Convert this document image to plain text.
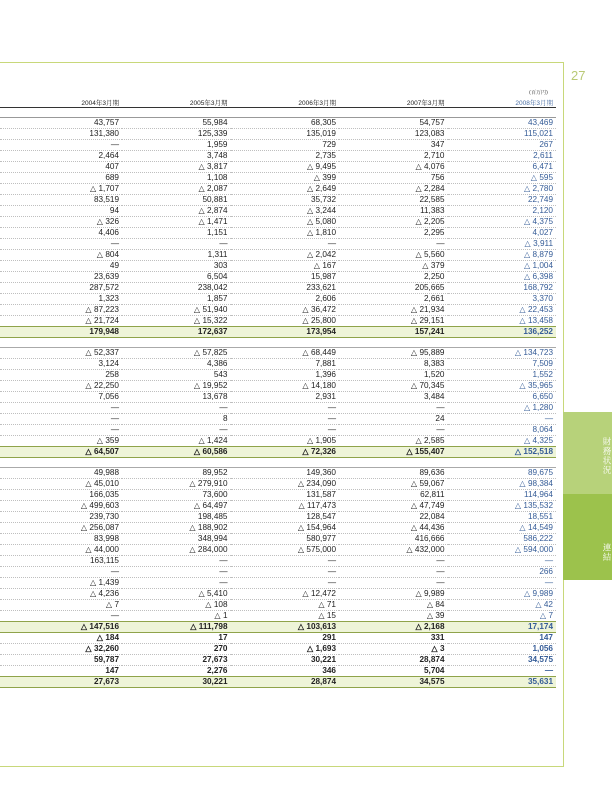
27
財務状況
連結
(百万円)
2004年3月期	2005年3月期	2006年3月期	2007年3月期	2008年3月期

43,757	55,984	68,305	54,757	43,469
131,380	125,339	135,019	123,083	115,021
—	1,959	729	347	267
2,464	3,748	2,735	2,710	2,611
407	△ 3,817	△ 9,495	△ 4,076	6,471
689	1,108	△ 399	756	△ 595
△ 1,707	△ 2,087	△ 2,649	△ 2,284	△ 2,780
83,519	50,881	35,732	22,585	22,749
94	△ 2,874	△ 3,244	11,383	2,120
△ 326	△ 1,471	△ 5,080	△ 2,205	△ 4,375
4,406	1,151	△ 1,810	2,295	4,027
—	—	—	—	△ 3,911
△ 804	1,311	△ 2,042	△ 5,560	△ 8,879
49	303	△ 167	△ 379	△ 1,004
23,639	6,504	15,987	2,250	△ 6,398
287,572	238,042	233,621	205,665	168,792
1,323	1,857	2,606	2,661	3,370
△ 87,223	△ 51,940	△ 36,472	△ 21,934	△ 22,453
△ 21,724	△ 15,322	△ 25,800	△ 29,151	△ 13,458
179,948	172,637	173,954	157,241	136,252

△ 52,337	△ 57,825	△ 68,449	△ 95,889	△ 134,723
3,124	4,386	7,881	8,383	7,509
258	543	1,396	1,520	1,552
△ 22,250	△ 19,952	△ 14,180	△ 70,345	△ 35,965
7,056	13,678	2,931	3,484	6,650
—	—	—	—	△ 1,280
—	8	—	24	—
—	—	—	—	8,064
△ 359	△ 1,424	△ 1,905	△ 2,585	△ 4,325
△ 64,507	△ 60,586	△ 72,326	△ 155,407	△ 152,518

49,988	89,952	149,360	89,636	89,675
△ 45,010	△ 279,910	△ 234,090	△ 59,067	△ 98,384
166,035	73,600	131,587	62,811	114,964
△ 499,603	△ 64,497	△ 117,473	△ 47,749	△ 135,532
239,730	198,485	128,547	22,084	18,551
△ 256,087	△ 188,902	△ 154,964	△ 44,436	△ 14,549
83,998	348,994	580,977	416,666	586,222
△ 44,000	△ 284,000	△ 575,000	△ 432,000	△ 594,000
163,115	—	—	—	—
—	—	—	—	266
△ 1,439	—	—	—	—
△ 4,236	△ 5,410	△ 12,472	△ 9,989	△ 9,989
△ 7	△ 108	△ 71	△ 84	△ 42
—	△ 1	△ 15	△ 39	△ 7
△ 147,516	△ 111,798	△ 103,613	△ 2,168	17,174
△ 184	17	291	331	147
△ 32,260	270	△ 1,693	△ 3	1,056
59,787	27,673	30,221	28,874	34,575
147	2,276	346	5,704	—
27,673	30,221	28,874	34,575	35,631
